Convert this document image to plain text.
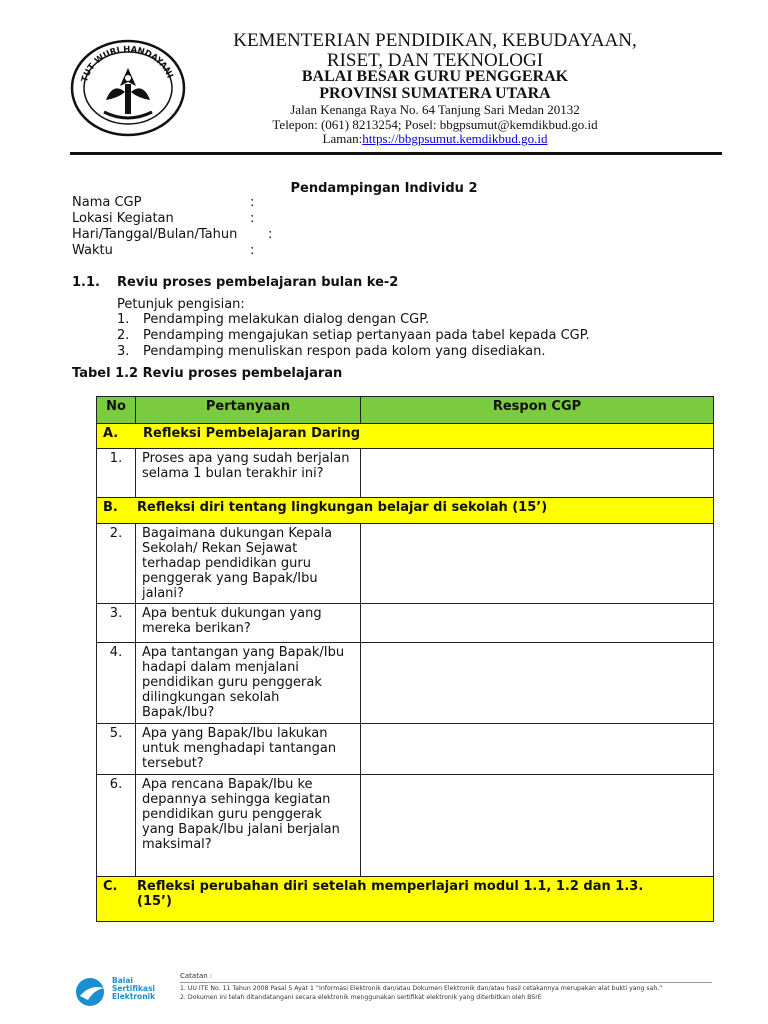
TUT WURI HANDAYANI
KEMENTERIAN PENDIDIKAN, KEBUDAYAAN,
RISET, DAN TEKNOLOGI
BALAI BESAR GURU PENGGERAK
PROVINSI SUMATERA UTARA
Jalan Kenanga Raya No. 64 Tanjung Sari Medan 20132
Telepon: (061) 8213254; Posel: bbgpsumut@kemdikbud.go.id
Laman:https://bbgpsumut.kemdikbud.go.id
Pendampingan Individu 2
Nama CGP	:
Lokasi Kegiatan	:
Hari/Tanggal/Bulan/Tahun :
Waktu	:
1.1. Reviu proses pembelajaran bulan ke-2
Petunjuk pengisian:
1. Pendamping melakukan dialog dengan CGP.
2. Pendamping mengajukan setiap pertanyaan pada tabel kepada CGP.
3. Pendamping menuliskan respon pada kolom yang disediakan.
Tabel 1.2 Reviu proses pembelajaran
No	Pertanyaan	Respon CGP
A. Refleksi Pembelajaran Daring		
1.	Proses apa yang sudah berjalan selama 1 bulan terakhir ini?	
B. Refleksi diri tentang lingkungan belajar di sekolah (15’)		
2.	Bagaimana dukungan Kepala Sekolah/ Rekan Sejawat terhadap pendidikan guru penggerak yang Bapak/Ibu jalani?	
3.	Apa bentuk dukungan yang mereka berikan?	
4.	Apa tantangan yang Bapak/Ibu hadapi dalam menjalani pendidikan guru penggerak dilingkungan sekolah Bapak/Ibu?	
5.	Apa yang Bapak/Ibu lakukan untuk menghadapi tantangan tersebut?	
6.	Apa rencana Bapak/Ibu ke depannya sehingga kegiatan pendidikan guru penggerak yang Bapak/Ibu jalani berjalan maksimal?	

C. Refleksi perubahan diri setelah memperlajari modul 1.1, 1.2 dan 1.3.
(15’)		
Balai
Sertifikasi
Elektronik
Catatan :
1. UU ITE No. 11 Tahun 2008 Pasal 5 Ayat 1 “Informasi Elektronik dan/atau Dokumen Elektronik dan/atau hasil cetakannya merupakan alat bukti yang sah.”
2. Dokumen ini telah ditandatangani secara elektronik menggunakan sertifikat elektronik yang diterbitkan oleh BSrE
